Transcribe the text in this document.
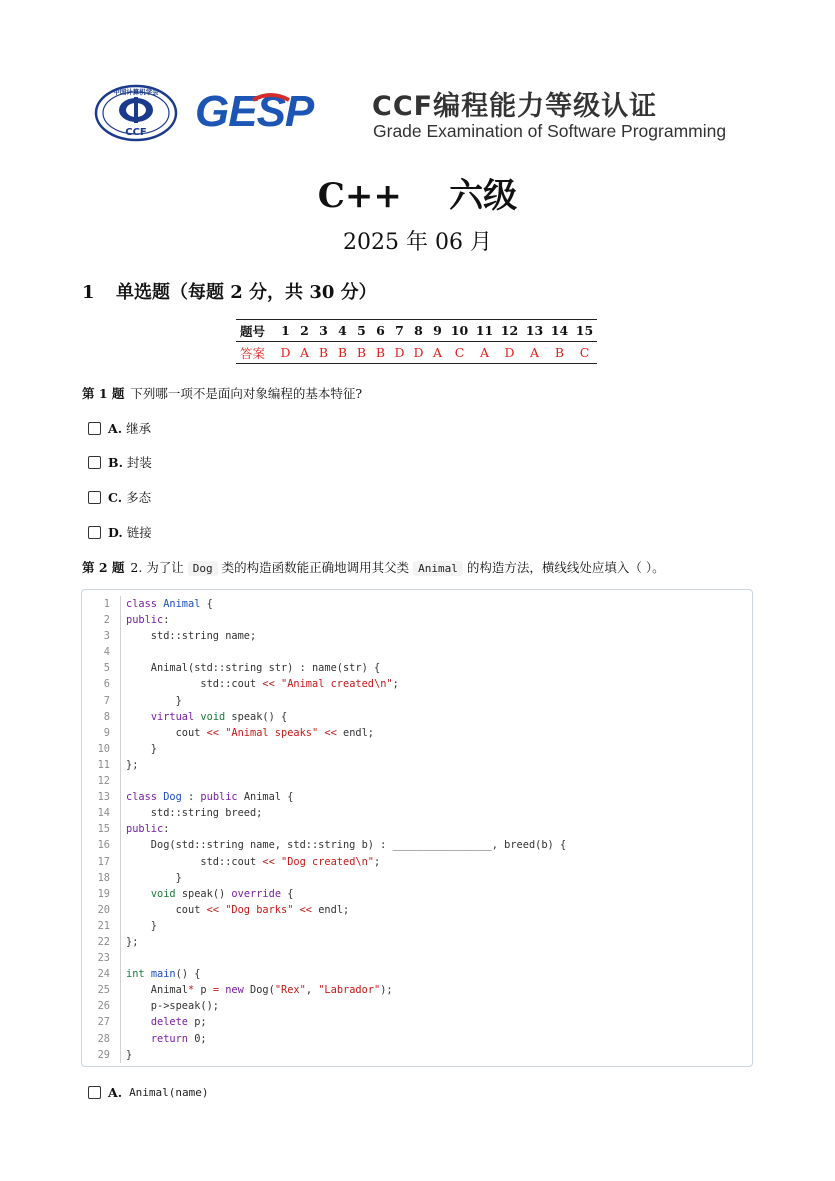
中国计算机学会
CCF GESP CCF编程能力等级认证
Grade Examination of Software Programming
C++    六级
2025 年 06 月
1 单选题（每题 2 分，共 30 分）
题号	1	2	3	4	5	6	7	8	9	10	11	12	13	14	15
答案	D	A	B	B	B	B	D	D	A	C	A	D	A	B	C
第 1 题 下列哪一项不是面向对象编程的基本特征?
A. 继承
B. 封装
C. 多态
D. 链接
第 2 题 2. 为了让 Dog 类的构造函数能正确地调用其父类 Animal 的构造方法，横线线处应填入（ ）。
1 class Animal {
2 public:
3 std::string name;
4
5 Animal(std::string str) : name(str) {
6 std::cout << "Animal created\n";
7 }
8	virtual void speak() {
9 cout << "Animal speaks" << endl;
10 }
11 };
12
13 class Dog : public Animal {
14 std::string breed;
15 public:
16 Dog(std::string name, std::string b) : ________________, breed(b) {
17 std::cout << "Dog created\n";
18 }
19	void speak() override {
20 cout << "Dog barks" << endl;
21 }
22 };
23
24 int main() {
25 Animal* p = new Dog("Rex", "Labrador");
26 p->speak();
27	delete p;
28	return 0;
29 }
A. Animal(name)
